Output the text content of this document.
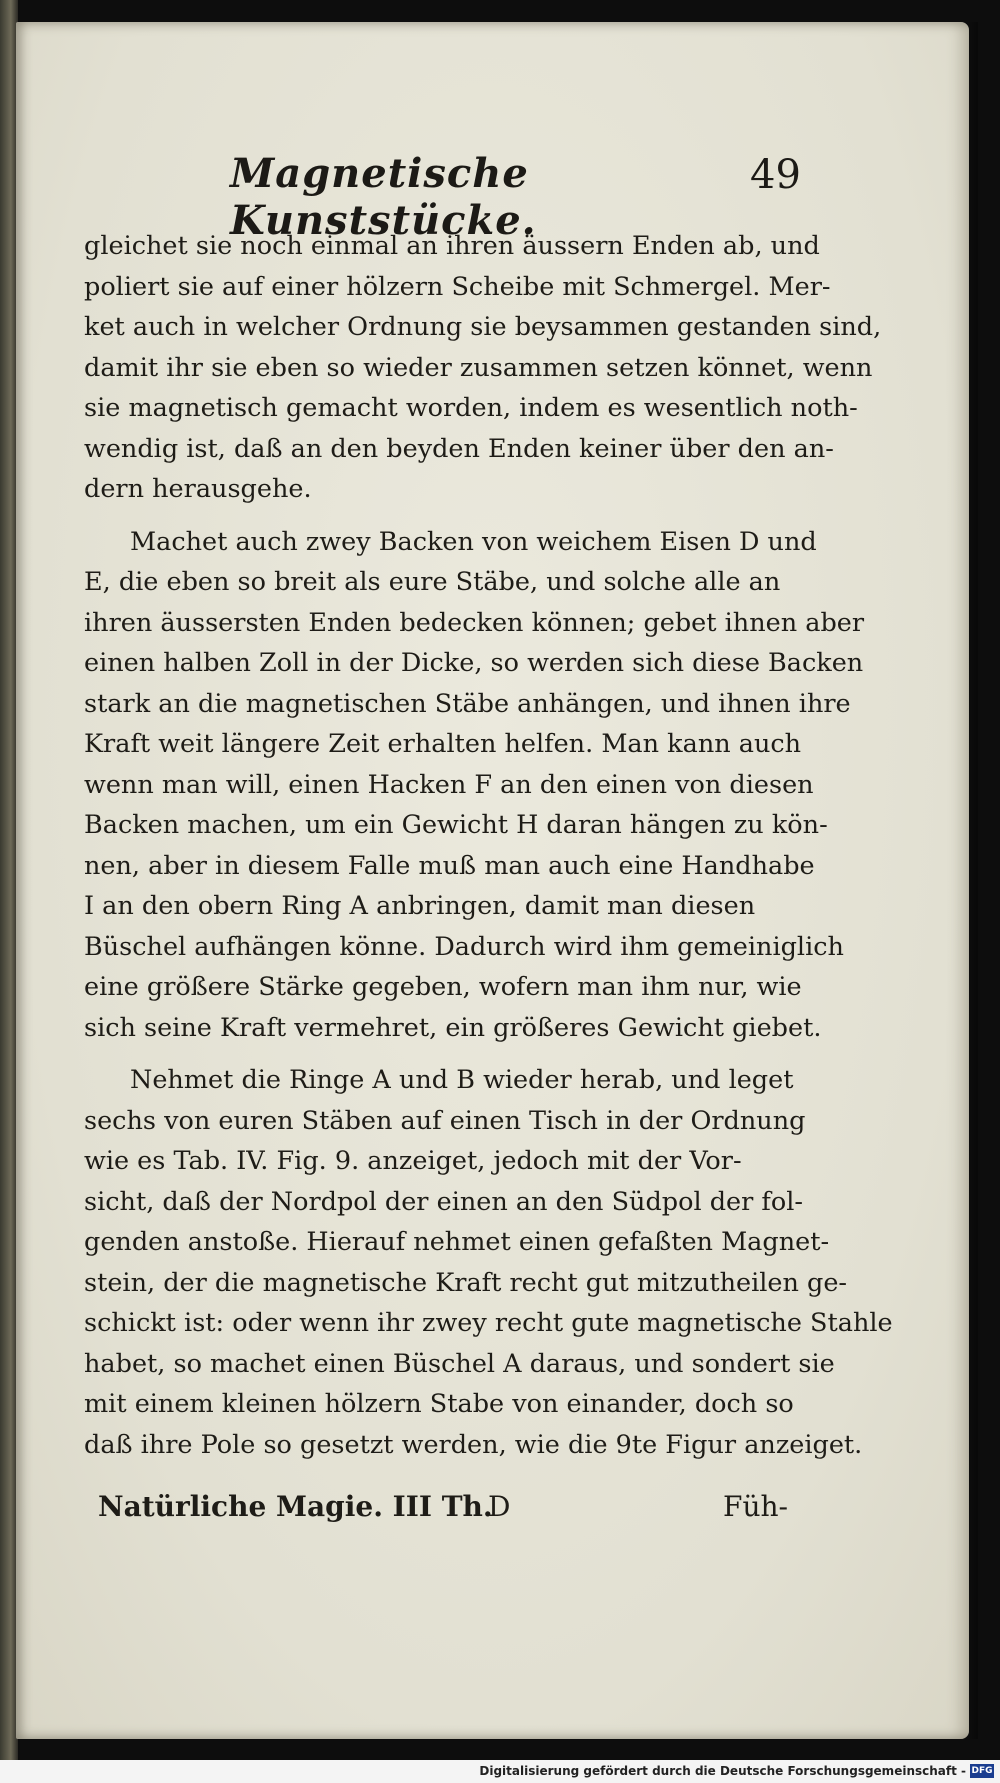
Magnetische Kunststücke.
49
gleichet sie noch einmal an ihren äussern Enden ab, und
poliert sie auf einer hölzern Scheibe mit Schmergel. Mer-
ket auch in welcher Ordnung sie beysammen gestanden sind,
damit ihr sie eben so wieder zusammen setzen könnet, wenn
sie magnetisch gemacht worden, indem es wesentlich noth-
wendig ist, daß an den beyden Enden keiner über den an-
dern herausgehe.
Machet auch zwey Backen von weichem Eisen D und
E, die eben so breit als eure Stäbe, und solche alle an
ihren äussersten Enden bedecken können; gebet ihnen aber
einen halben Zoll in der Dicke, so werden sich diese Backen
stark an die magnetischen Stäbe anhängen, und ihnen ihre
Kraft weit längere Zeit erhalten helfen. Man kann auch
wenn man will, einen Hacken F an den einen von diesen
Backen machen, um ein Gewicht H daran hängen zu kön-
nen, aber in diesem Falle muß man auch eine Handhabe
I an den obern Ring A anbringen, damit man diesen
Büschel aufhängen könne. Dadurch wird ihm gemeiniglich
eine größere Stärke gegeben, wofern man ihm nur, wie
sich seine Kraft vermehret, ein größeres Gewicht giebet.
Nehmet die Ringe A und B wieder herab, und leget
sechs von euren Stäben auf einen Tisch in der Ordnung
wie es Tab. IV. Fig. 9. anzeiget, jedoch mit der Vor-
sicht, daß der Nordpol der einen an den Südpol der fol-
genden anstoße. Hierauf nehmet einen gefaßten Magnet-
stein, der die magnetische Kraft recht gut mitzutheilen ge-
schickt ist: oder wenn ihr zwey recht gute magnetische Stahle
habet, so machet einen Büschel A daraus, und sondert sie
mit einem kleinen hölzern Stabe von einander, doch so
daß ihre Pole so gesetzt werden, wie die 9te Figur anzeiget.
Natürliche Magie. III Th.
D	Füh-
Digitalisierung gefördert durch die Deutsche Forschungsgemeinschaft - DFG
